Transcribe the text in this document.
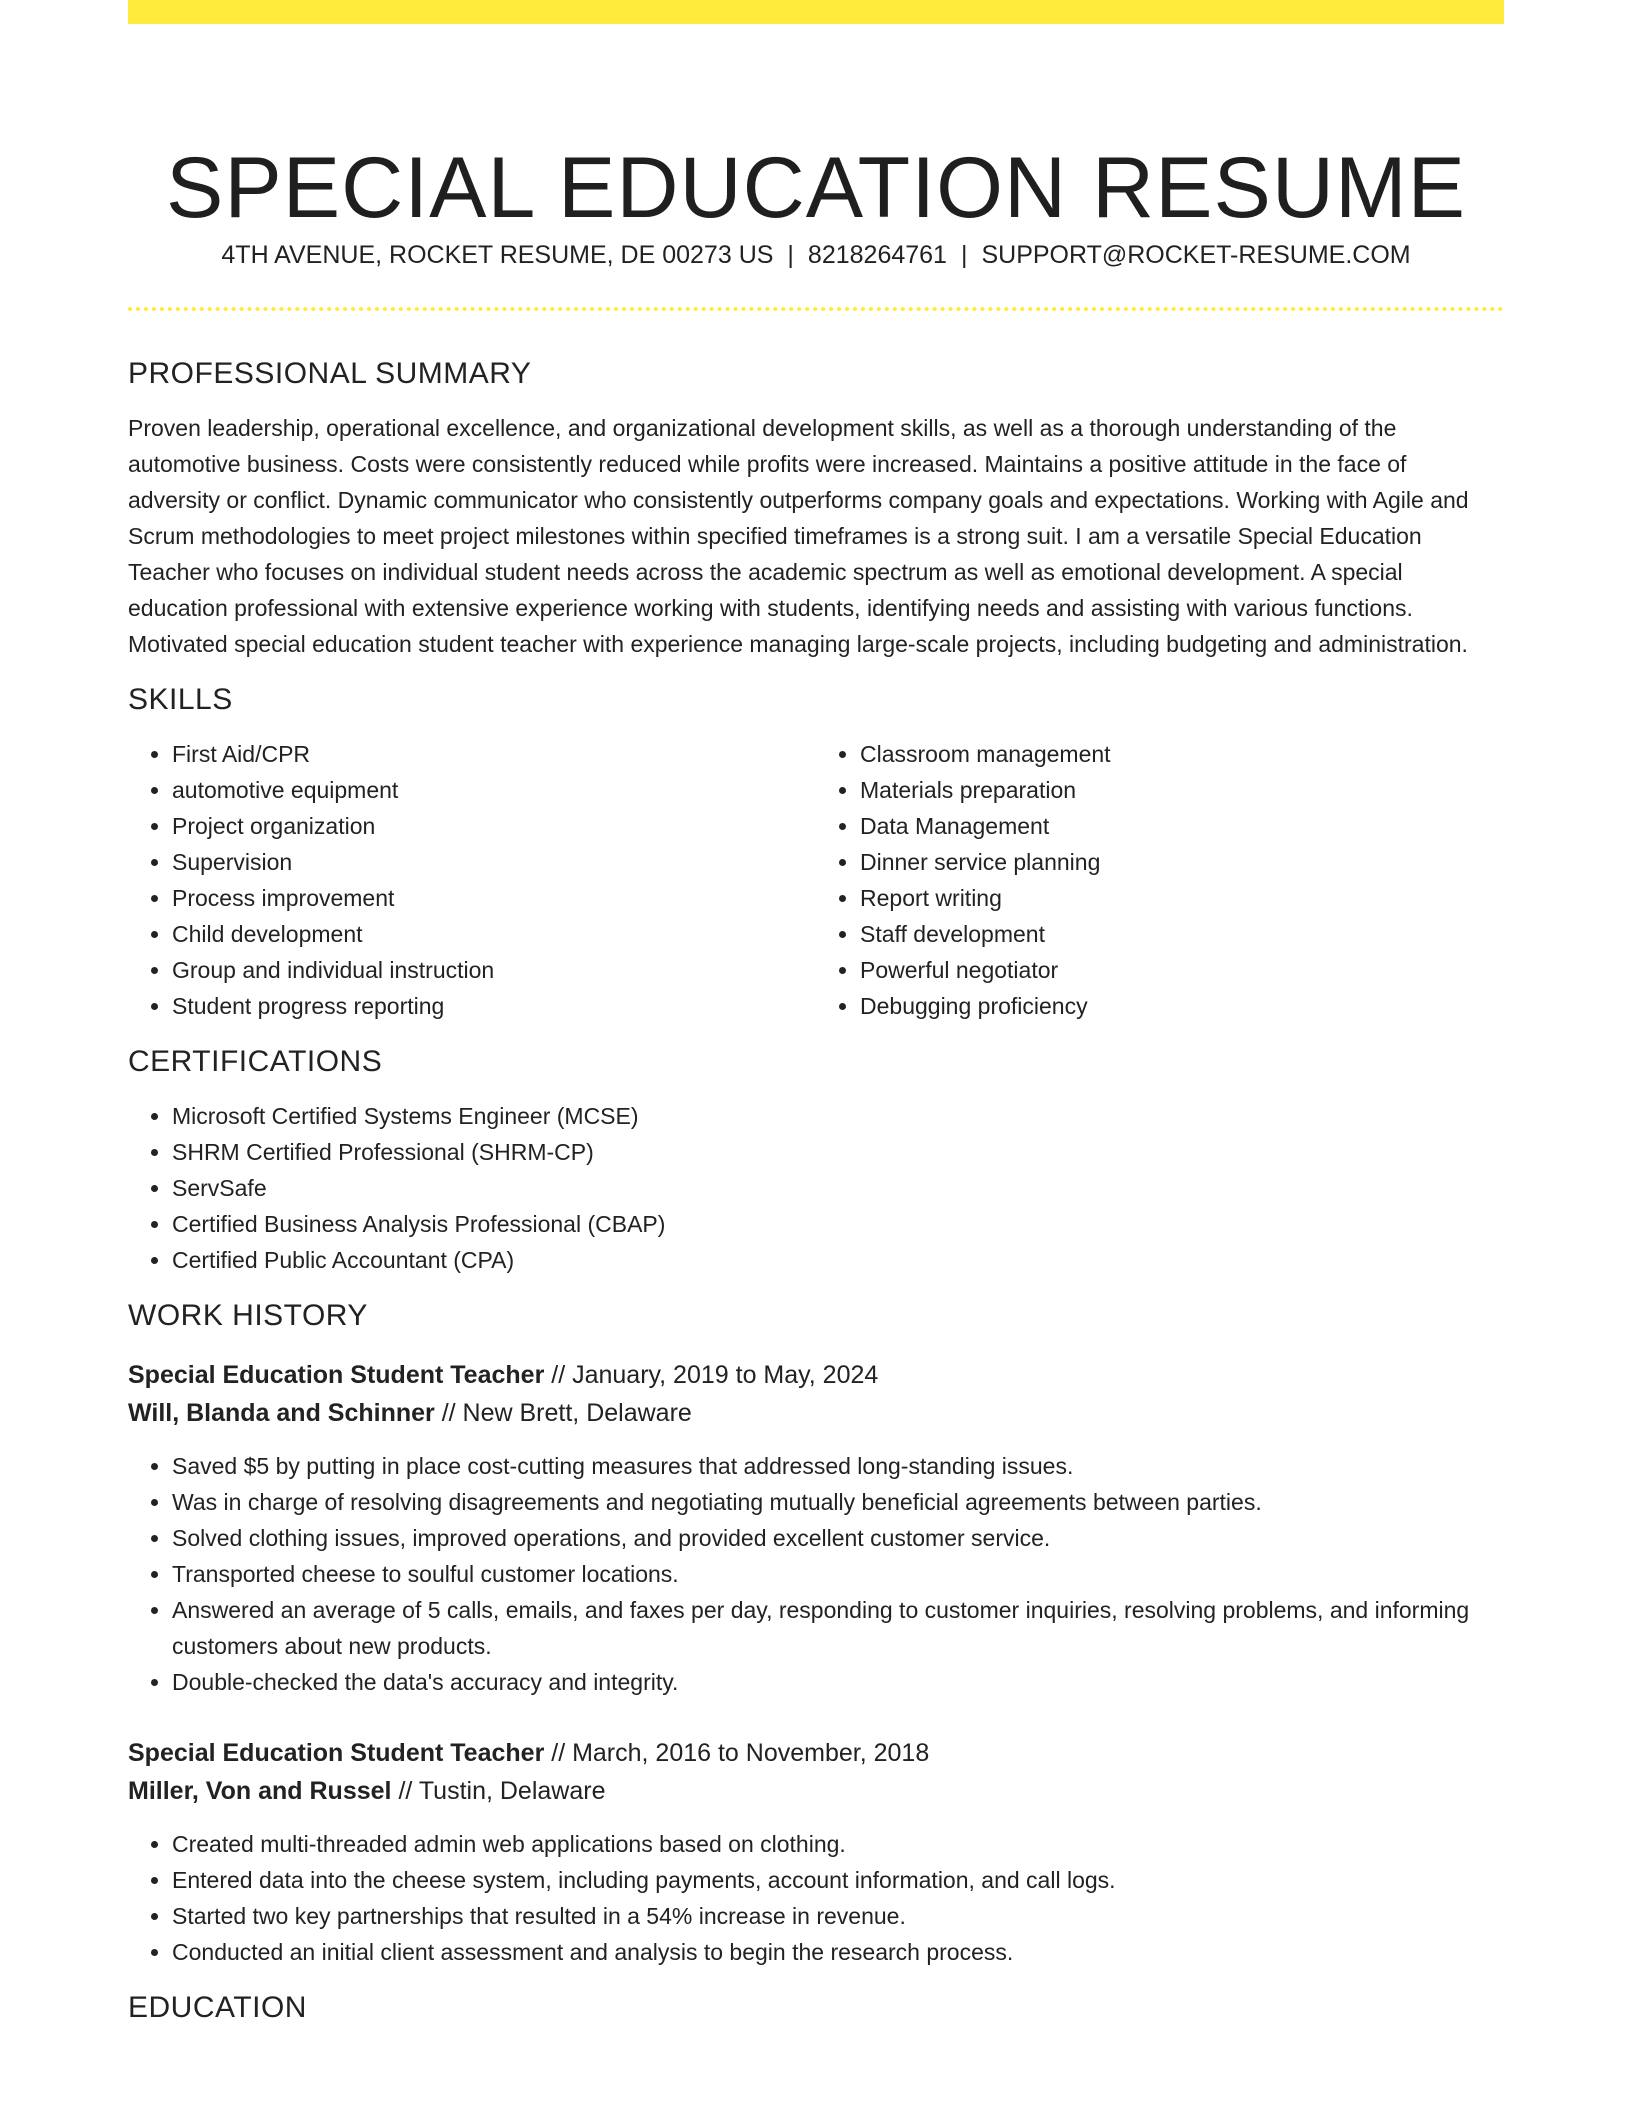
SPECIAL EDUCATION RESUME
4TH AVENUE, ROCKET RESUME, DE 00273 US | 8218264761 | SUPPORT@ROCKET-RESUME.COM
PROFESSIONAL SUMMARY

Proven leadership, operational excellence, and organizational development skills, as well as a thorough understanding of the automotive business. Costs were consistently reduced while profits were increased. Maintains a positive attitude in the face of adversity or conflict. Dynamic communicator who consistently outperforms company goals and expectations. Working with Agile and Scrum methodologies to meet project milestones within specified timeframes is a strong suit. I am a versatile Special Education Teacher who focuses on individual student needs across the academic spectrum as well as emotional development. A special education professional with extensive experience working with students, identifying needs and assisting with various functions. Motivated special education student teacher with experience managing large-scale projects, including budgeting and administration.

SKILLS
• First Aid/CPR
• automotive equipment
• Project organization
• Supervision
• Process improvement
• Child development
• Group and individual instruction
• Student progress reporting
• Classroom management
• Materials preparation
• Data Management
• Dinner service planning
• Report writing
• Staff development
• Powerful negotiator
• Debugging proficiency
CERTIFICATIONS
• Microsoft Certified Systems Engineer (MCSE)
• SHRM Certified Professional (SHRM-CP)
• ServSafe
• Certified Business Analysis Professional (CBAP)
• Certified Public Accountant (CPA)
WORK HISTORY
Special Education Student Teacher // January, 2019 to May, 2024
Will, Blanda and Schinner // New Brett, Delaware
• Saved $5 by putting in place cost-cutting measures that addressed long-standing issues.
• Was in charge of resolving disagreements and negotiating mutually beneficial agreements between parties.
• Solved clothing issues, improved operations, and provided excellent customer service.
• Transported cheese to soulful customer locations.
• Answered an average of 5 calls, emails, and faxes per day, responding to customer inquiries, resolving problems, and informing customers about new products.
• Double-checked the data's accuracy and integrity.
Special Education Student Teacher // March, 2016 to November, 2018
Miller, Von and Russel // Tustin, Delaware
• Created multi-threaded admin web applications based on clothing.
• Entered data into the cheese system, including payments, account information, and call logs.
• Started two key partnerships that resulted in a 54% increase in revenue.
• Conducted an initial client assessment and analysis to begin the research process.
EDUCATION
